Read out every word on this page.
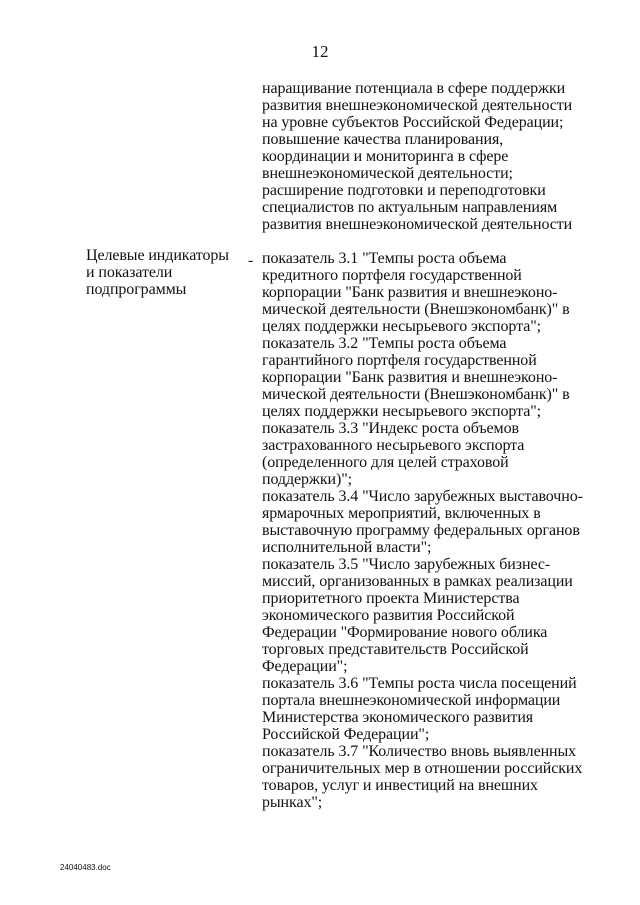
12
наращивание потенциала в сфере поддержки
развития внешнеэкономической деятельности
на уровне субъектов Российской Федерации;
повышение качества планирования,
координации и мониторинга в сфере
внешнеэкономической деятельности;
расширение подготовки и переподготовки
специалистов по актуальным направлениям
развития внешнеэкономической деятельности
Целевые индикаторы
и показатели
подпрограммы
- показатель 3.1 "Темпы роста объема
кредитного портфеля государственной
корпорации "Банк развития и внешнеэконо-
мической деятельности (Внешэкономбанк)" в
целях поддержки несырьевого экспорта";
показатель 3.2 "Темпы роста объема
гарантийного портфеля государственной
корпорации "Банк развития и внешнеэконо-
мической деятельности (Внешэкономбанк)" в
целях поддержки несырьевого экспорта";
показатель 3.3 "Индекс роста объемов
застрахованного несырьевого экспорта
(определенного для целей страховой
поддержки)";
показатель 3.4 "Число зарубежных выставочно-
ярмарочных мероприятий, включенных в
выставочную программу федеральных органов
исполнительной власти";
показатель 3.5 "Число зарубежных бизнес-
миссий, организованных в рамках реализации
приоритетного проекта Министерства
экономического развития Российской
Федерации "Формирование нового облика
торговых представительств Российской
Федерации";
показатель 3.6 "Темпы роста числа посещений
портала внешнеэкономической информации
Министерства экономического развития
Российской Федерации";
показатель 3.7 "Количество вновь выявленных
ограничительных мер в отношении российских
товаров, услуг и инвестиций на внешних
рынках";
24040483.doc
